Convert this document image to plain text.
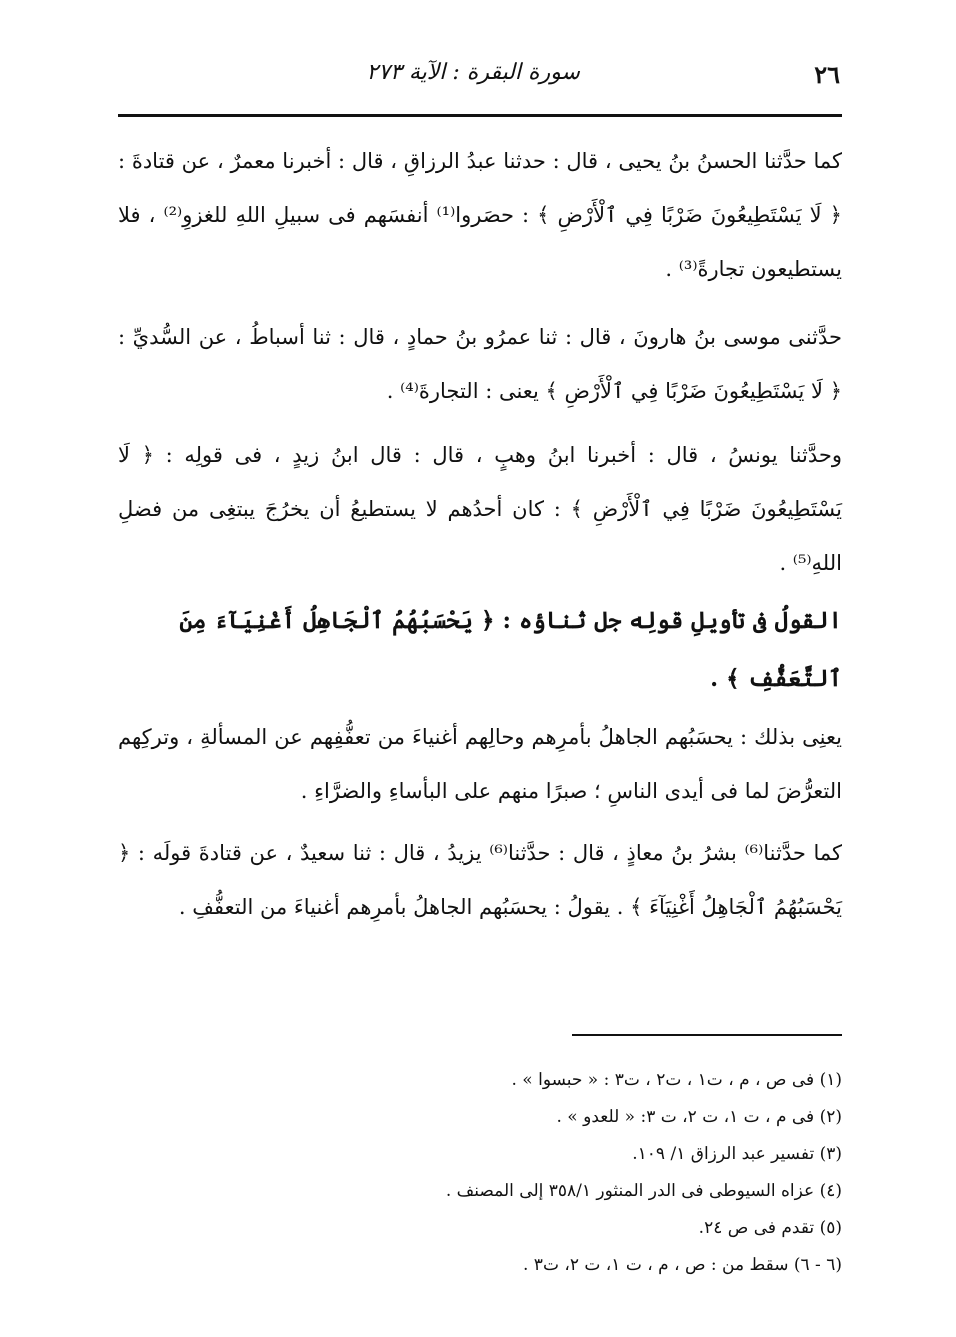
٢٦
سورة البقرة : الآية ٢٧٣

كما حدَّثنا الحسنُ بنُ يحيى ، قال : حدثنا عبدُ الرزاقِ ، قال : أخبرنا معمرٌ ، عن قتادةَ : ﴿ لَا يَسْتَطِيعُونَ ضَرْبًا فِي ٱلْأَرْضِ ﴾ : حصَروا⁽¹⁾ أنفسَهم فى سبيلِ اللهِ للغزوِ⁽²⁾ ، فلا يستطيعون تجارةً⁽³⁾ .

حدَّثنى موسى بنُ هارونَ ، قال : ثنا عمرُو بنُ حمادٍ ، قال : ثنا أسباطُ ، عن السُّديِّ : ﴿ لَا يَسْتَطِيعُونَ ضَرْبًا فِي ٱلْأَرْضِ ﴾ يعنى : التجارةَ⁽⁴⁾ .

وحدَّثنا يونسُ ، قال : أخبرنا ابنُ وهبٍ ، قال : قال ابنُ زيدٍ ، فى قولِه : ﴿ لَا يَسْتَطِيعُونَ ضَرْبًا فِي ٱلْأَرْضِ ﴾ : كان أحدُهم لا يستطيعُ أن يخرُجَ يبتغِى من فضلِ اللهِ⁽⁵⁾ .

القولُ فى تأويلِ قولِه جل ثناؤه : ﴿ يَحْسَبُهُمُ ٱلْجَاهِلُ أَغْنِيَآءَ مِنَ ٱلتَّعَفُّفِ ﴾ .

يعنِى بذلك : يحسَبُهم الجاهلُ بأمرِهم وحالِهم أغنياءَ من تعفُّفِهم عن المسألةِ ، وتركِهم التعرُّضَ لما فى أيدى الناسِ ؛ صبرًا منهم على البأساءِ والضرَّاءِ .

كما حدَّثنا⁽⁶⁾ بشرُ بنُ معاذٍ ، قال : حدَّثنا⁽⁶⁾ يزيدُ ، قال : ثنا سعيدٌ ، عن قتادةَ قولَه : ﴿ يَحْسَبُهُمُ ٱلْجَاهِلُ أَغْنِيَآءَ ﴾ . يقولُ : يحسَبُهم الجاهلُ بأمرِهم أغنياءَ من التعفُّفِ .

(١) فى ص ، م ، ت١ ، ت٢ ، ت٣ : « حبسوا » .
(٢) فى م ، ت ١، ت ٢، ت ٣: « للعدو » .
(٣) تفسير عبد الرزاق ١/ ١٠٩.
(٤) عزاه السيوطى فى الدر المنثور ٣٥٨/١ إلى المصنف .
(٥) تقدم فى ص ٢٤.
(٦ - ٦) سقط من : ص ، م ، ت ١، ت ٢، ت٣ .
